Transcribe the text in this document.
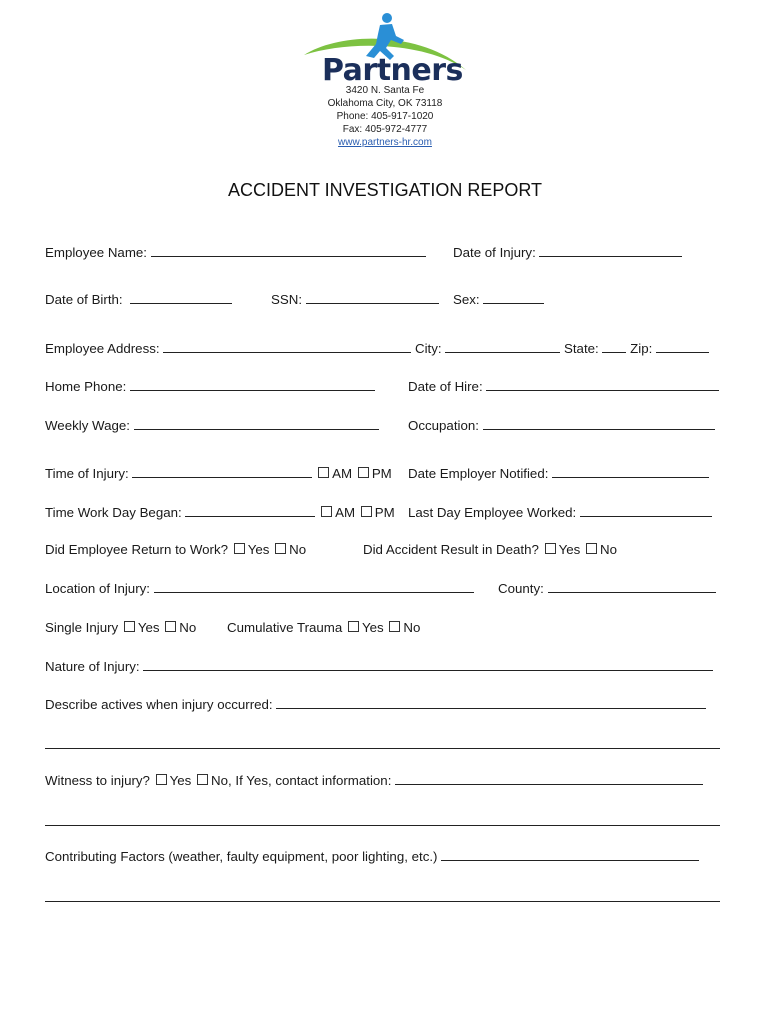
Partners
3420 N. Santa Fe
Oklahoma City, OK 73118
Phone: 405-917-1020
Fax: 405-972-4777
www.partners-hr.com
ACCIDENT INVESTIGATION REPORT
Employee Name:	Date of Injury:
Date of Birth:	SSN:	Sex:
Employee Address:	City:	State: Zip:
Home Phone:	Date of Hire:
Weekly Wage:	Occupation:
Time of Injury:	AM PM Date Employer Notified:
Time Work Day Began:	AM PM Last Day Employee Worked:
Did Employee Return to Work? Yes No	Did Accident Result in Death? Yes No
Location of Injury:	County:
Single Injury Yes No Cumulative Trauma Yes No
Nature of Injury:
Describe actives when injury occurred:
Witness to injury? Yes No, If Yes, contact information:
Contributing Factors (weather, faulty equipment, poor lighting, etc.)
